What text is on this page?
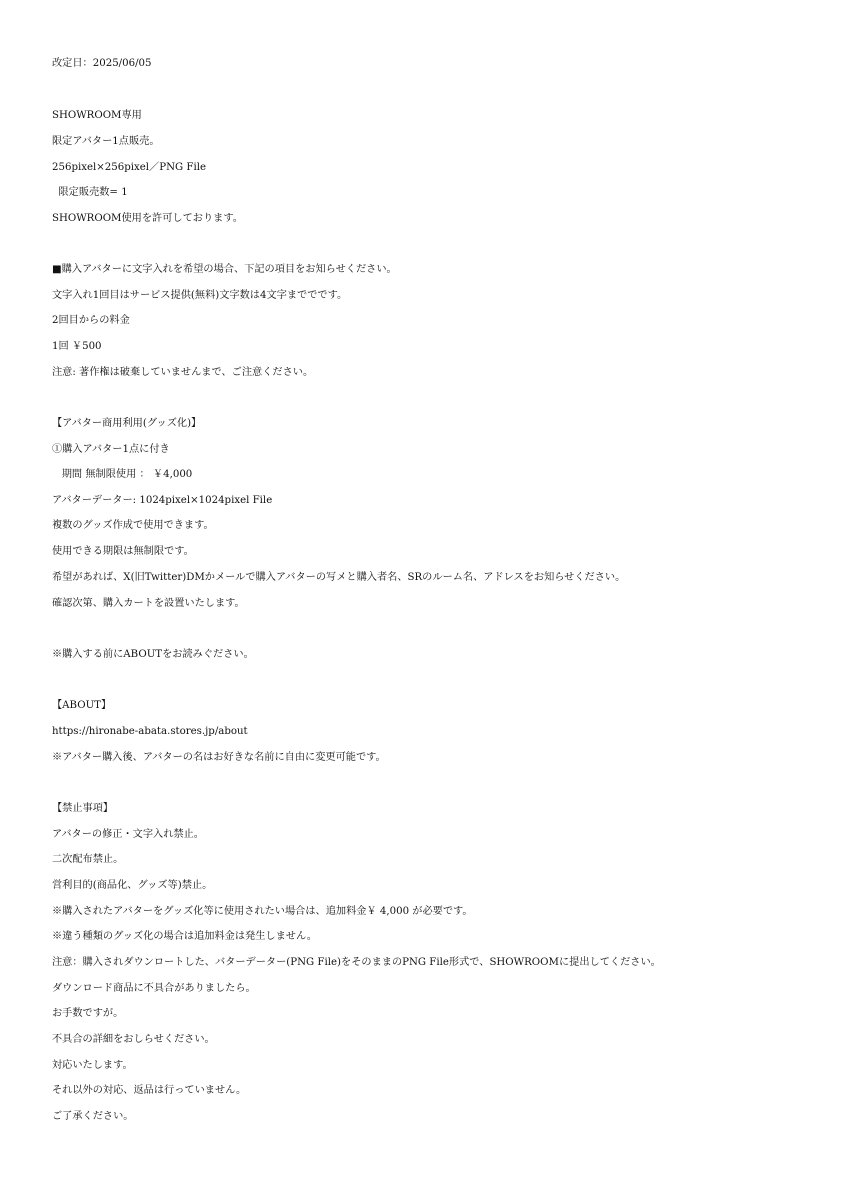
改定日：2025/06/05
SHOWROOM専用
限定アバター1点販売。
256pixel×256pixel／PNG File
限定販売数= 1
SHOWROOM使用を許可しております。
■購入アバターに文字入れを希望の場合、下記の項目をお知らせください。
文字入れ1回目はサービス提供(無料)文字数は4文字まででです。
2回目からの料金
1回 ￥500
注意: 著作権は破棄していませんまで、ご注意ください。
【アバター商用利用(グッズ化)】
①購入アバター1点に付き
期間 無制限使用 ： ￥4,000
アバターデーター: 1024pixel×1024pixel File
複数のグッズ作成で使用できます。
使用できる期限は無制限です。
希望があれば、X(旧Twitter)DMかメールで購入アバターの写メと購入者名、SRのルーム名、アドレスをお知らせください。
確認次第、購入カートを設置いたします。
※購入する前にABOUTをお読みぐださい。
【ABOUT】
https://hironabe-abata.stores.jp/about
※アバター購入後、アバターの名はお好きな名前に自由に変更可能です。
【禁止事項】
アバターの修正・文字入れ禁止。
二次配布禁止。
営利目的(商品化、グッズ等)禁止。
※購入されたアバターをグッズ化等に使用されたい場合は、追加料金￥ 4,000 が必要です。
※違う種類のグッズ化の場合は追加料金は発生しません。
注意：購入されダウンロートした、バターデーター(PNG File)をそのままのPNG File形式で、SHOWROOMに提出してください。
ダウンロード商品に不具合がありましたら。
お手数ですが。
不具合の詳細をおしらせください。
対応いたします。
それ以外の対応、返品は行っていません。
ご了承ください。
